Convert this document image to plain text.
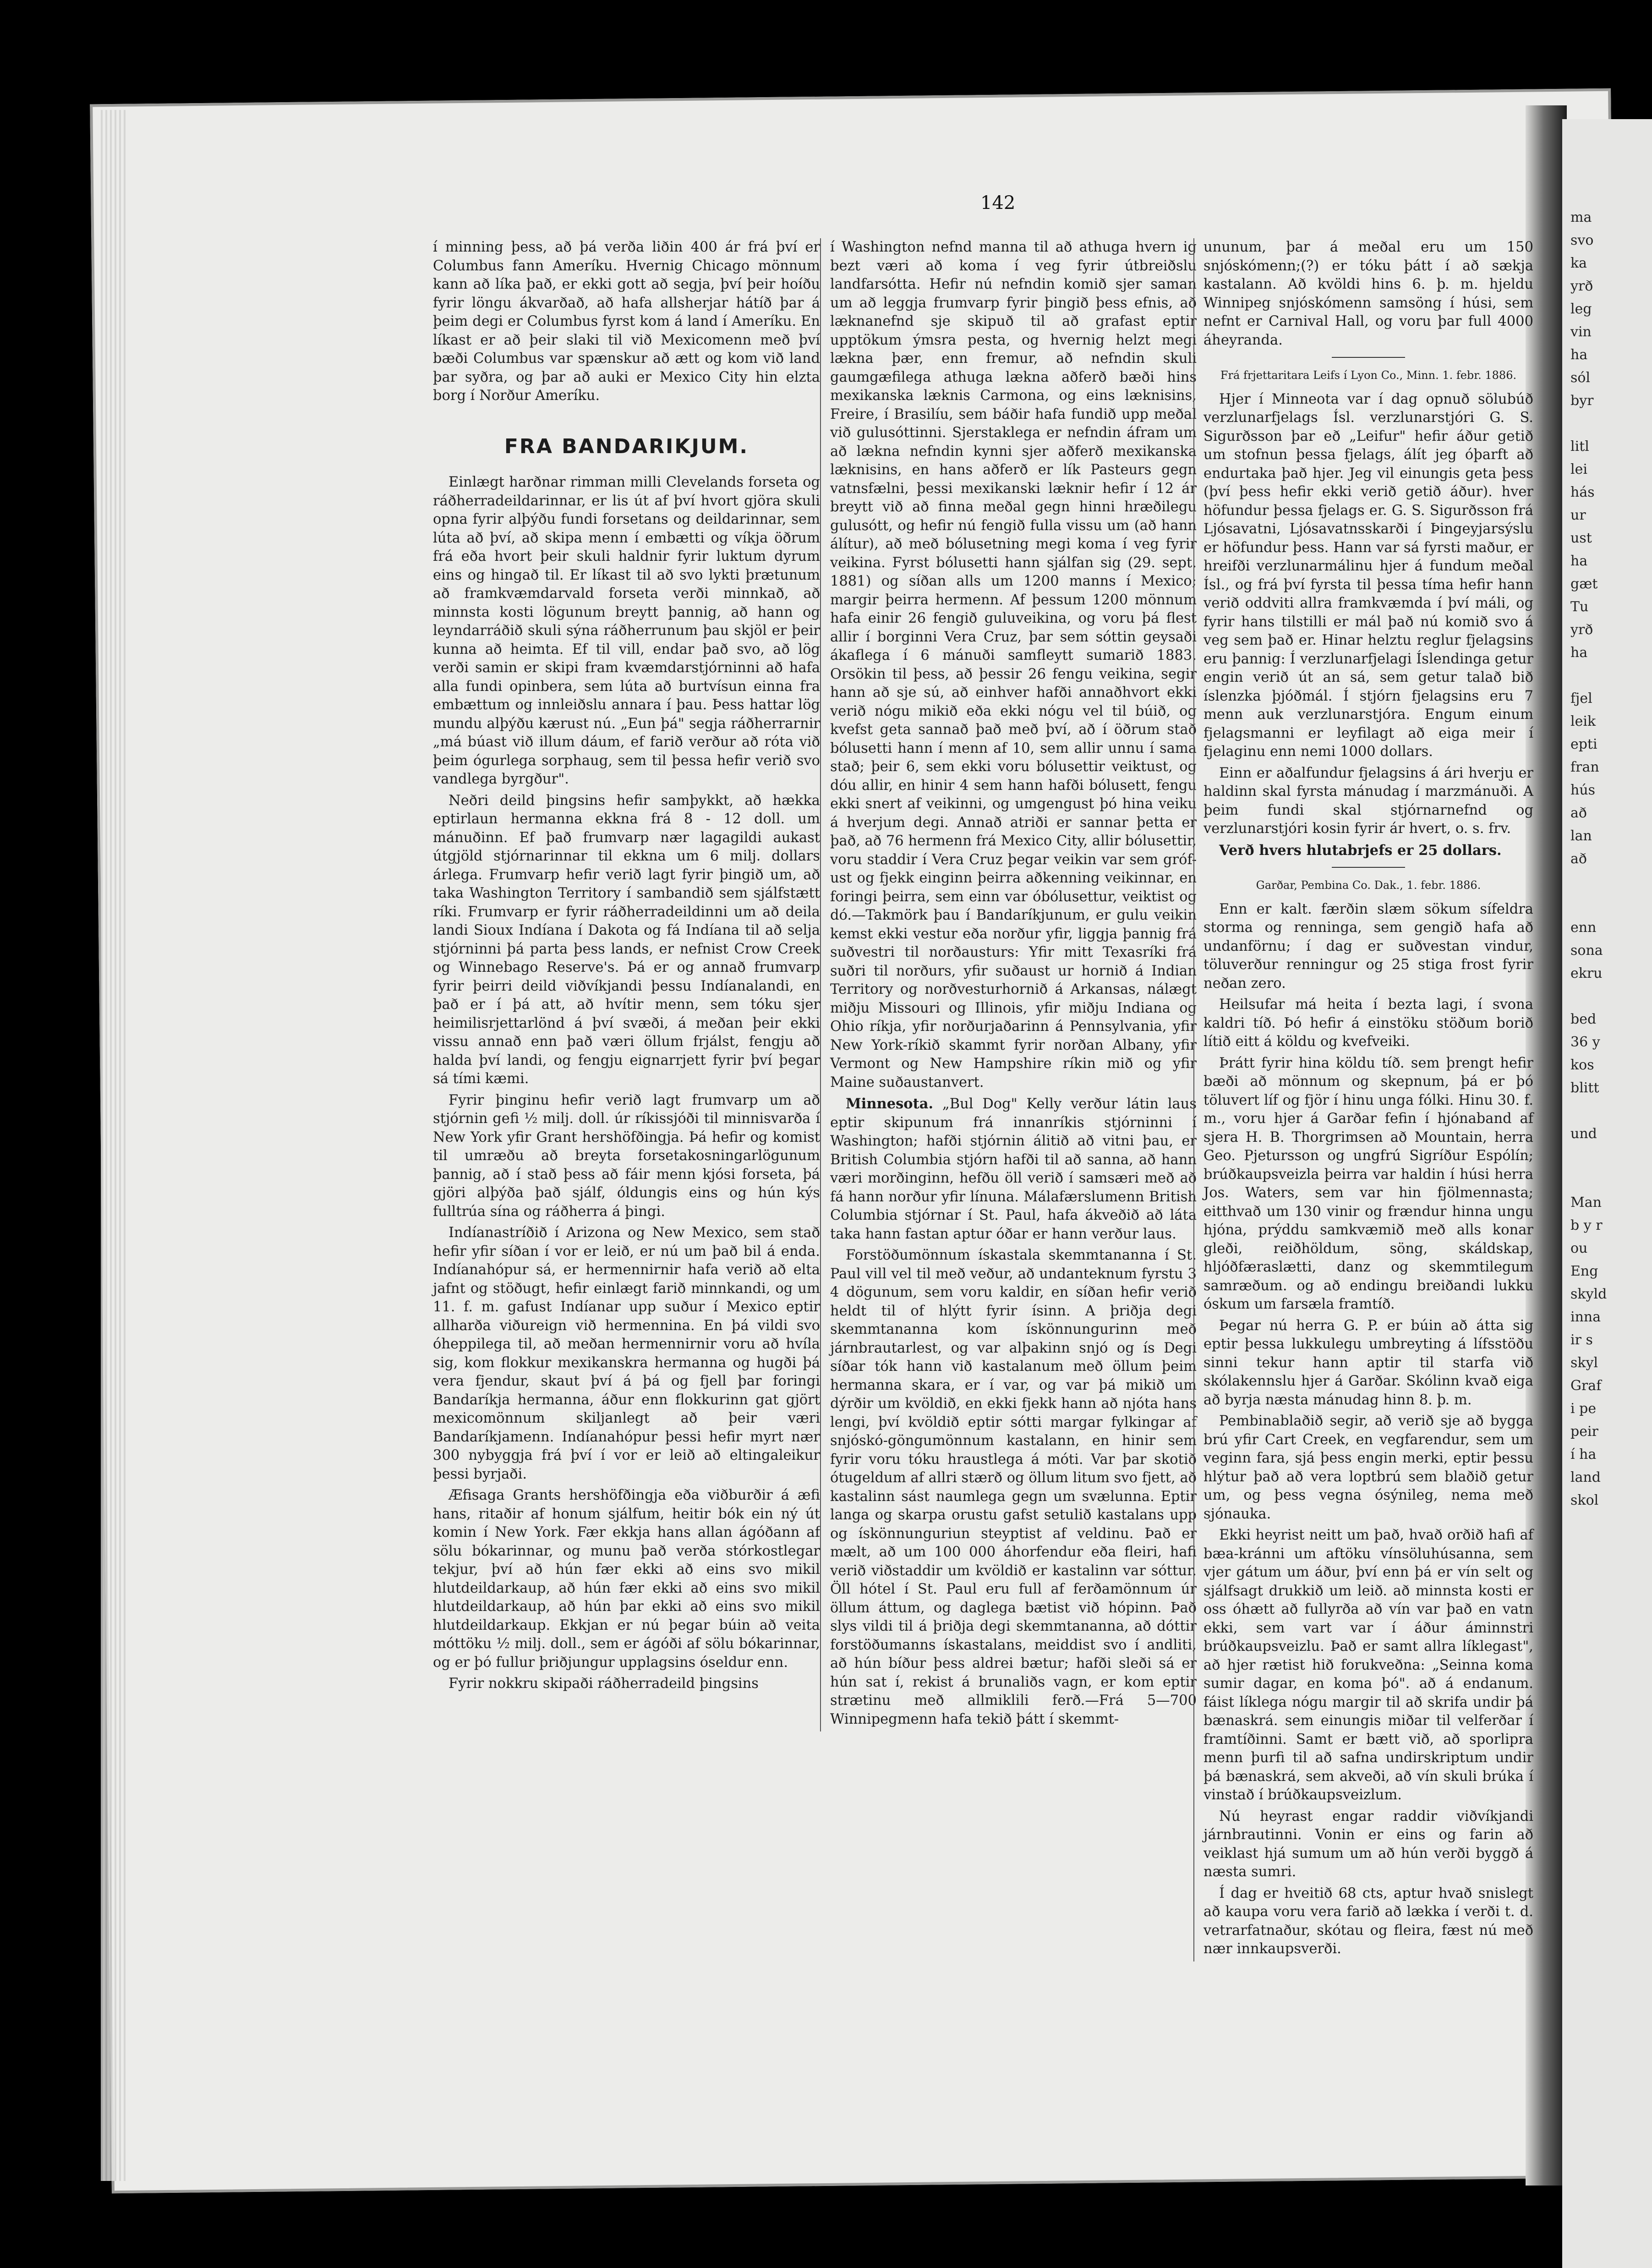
ma
svo
ka
yrð
leg
vin
ha
sól
byr

litl
lei
hás
ur
ust
ha
gæt
Tu
yrð
ha

fjel
leik
epti
fran
hús
að
lan
að

enn
sona
ekru

bed
36 y
kos
blitt

und

Man
b y r
ou
Eng
skyld
inna
ir s
skyl
Graf
i pe
peir
í ha
land
skol
142

í minning þess, að þá verða liðin 400 ár frá því er Columbus fann Ameríku. Hvernig Chicago mönnum kann að líka það, er ekki gott að segja, því þeir hoíðu fyrir löngu ákvarðað, að hafa allsherjar hátíð þar á þeim degi er Columbus fyrst kom á land í Ameríku. En líkast er að þeir slaki til við Mexicomenn með því bæði Columbus var spænskur að ætt og kom við land þar syðra, og þar að auki er Mexico City hin elzta borg í Norður Ameríku.

FRA BANDARIKJUM.

Einlægt harðnar rimman milli Clevelands forseta og ráðherradeildarinnar, er lis út af því hvort gjöra skuli opna fyrir alþýðu fundi forsetans og deildarinnar, sem lúta að því, að skipa menn í embætti og víkja öðrum frá eða hvort þeir skuli haldnir fyrir luktum dyrum eins og hingað til. Er líkast til að svo lykti þrætunum að framkvæmdarvald forseta verði minnkað, að minnsta kosti lögunum breytt þannig, að hann og leyndarráðið skuli sýna ráðherrunum þau skjöl er þeir kunna að heimta. Ef til vill, endar það svo, að lög verði samin er skipi fram kvæmdarstjórninni að hafa alla fundi opinbera, sem lúta að burtvísun einna fra embættum og innleiðslu annara í þau. Þess hattar lög mundu alþýðu kærust nú. „Eun þá" segja ráðherrarnir „má búast við illum dáum, ef farið verður að róta við þeim ógurlega sorphaug, sem til þessa hefir verið svo vandlega byrgður".

Neðri deild þingsins hefir samþykkt, að hækka eptirlaun hermanna ekkna frá 8 - 12 doll. um mánuðinn. Ef það frumvarp nær lagagildi aukast útgjöld stjórnarinnar til ekkna um 6 milj. dollars árlega. Frumvarp hefir verið lagt fyrir þingið um, að taka Washington Territory í sambandið sem sjálfstætt ríki. Frumvarp er fyrir ráðherradeildinni um að deila landi Sioux Indíana í Dakota og fá Indíana til að selja stjórninni þá parta þess lands, er nefnist Crow Creek og Winnebago Reserve's. Þá er og annað frumvarp fyrir þeirri deild viðvíkjandi þessu Indíanalandi, en það er í þá att, að hvítir menn, sem tóku sjer heimilisrjettarlönd á því svæði, á meðan þeir ekki vissu annað enn það væri öllum frjálst, fengju að halda því landi, og fengju eignarrjett fyrir því þegar sá tími kæmi.

Fyrir þinginu hefir verið lagt frumvarp um að stjórnin gefi ½ milj. doll. úr ríkissjóði til minnisvarða í New York yfir Grant hershöfðingja. Þá hefir og komist til umræðu að breyta forsetakosningarlögunum þannig, að í stað þess að fáir menn kjósi forseta, þá gjöri alþýða það sjálf, óldungis eins og hún kýs fulltrúa sína og ráðherra á þingi.

Indíanastríðið í Arizona og New Mexico, sem stað hefir yfir síðan í vor er leið, er nú um það bil á enda. Indíanahópur sá, er hermennirnir hafa verið að elta jafnt og stöðugt, hefir einlægt farið minnkandi, og um 11. f. m. gafust Indíanar upp suður í Mexico eptir allharða viðureign við hermennina. En þá vildi svo óheppilega til, að meðan hermennirnir voru að hvíla sig, kom flokkur mexikanskra hermanna og hugði þá vera fjendur, skaut því á þá og fjell þar foringi Bandaríkja hermanna, áður enn flokkurinn gat gjört mexicomönnum skiljanlegt að þeir væri Bandaríkjamenn. Indíanahópur þessi hefir myrt nær 300 nybyggja frá því í vor er leið að eltingaleikur þessi byrjaði.

Æfisaga Grants hershöfðingja eða viðburðir á æfi hans, ritaðir af honum sjálfum, heitir bók ein ný út komin í New York. Fær ekkja hans allan ágóðann af sölu bókarinnar, og munu það verða stórkostlegar tekjur, því að hún fær ekki að eins svo mikil hlutdeildarkaup, að hún fær ekki að eins svo mikil hlutdeildarkaup, að hún þar ekki að eins svo mikil hlutdeildarkaup. Ekkjan er nú þegar búin að veita móttöku ½ milj. doll., sem er ágóði af sölu bókarinnar, og er þó fullur þriðjungur upplagsins óseldur enn.

Fyrir nokkru skipaði ráðherradeild þingsins

í Washington nefnd manna til að athuga hvern ig bezt væri að koma í veg fyrir útbreiðslu landfarsótta. Hefir nú nefndin komið sjer saman um að leggja frumvarp fyrir þingið þess efnis, að læknanefnd sje skipuð til að grafast eptir upptökum ýmsra pesta, og hvernig helzt megi lækna þær, enn fremur, að nefndin skuli gaumgæfilega athuga lækna aðferð bæði hins mexikanska læknis Carmona, og eins læknisins, Freire, í Brasilíu, sem báðir hafa fundið upp meðal við gulusóttinni. Sjerstaklega er nefndin áfram um að lækna nefndin kynni sjer aðferð mexikanska læknisins, en hans aðferð er lík Pasteurs gegn vatnsfælni, þessi mexikanski læknir hefir í 12 ár breytt við að finna meðal gegn hinni hræðilegu gulusótt, og hefir nú fengið fulla vissu um (að hann álítur), að með bólusetning megi koma í veg fyrir veikina. Fyrst bólusetti hann sjálfan sig (29. sept. 1881) og síðan alls um 1200 manns í Mexico; margir þeirra hermenn. Af þessum 1200 mönnum hafa einir 26 fengið guluveikina, og voru þá flest allir í borginni Vera Cruz, þar sem sóttin geysaði ákaflega í 6 mánuði samfleytt sumarið 1883. Orsökin til þess, að þessir 26 fengu veikina, segir hann að sje sú, að einhver hafði annaðhvort ekki verið nógu mikið eða ekki nógu vel til búið, og kvefst geta sannað það með því, að í öðrum stað bólusetti hann í menn af 10, sem allir unnu í sama stað; þeir 6, sem ekki voru bólusettir veiktust, og dóu allir, en hinir 4 sem hann hafði bólusett, fengu ekki snert af veikinni, og umgengust þó hina veiku á hverjum degi. Annað atriði er sannar þetta er það, að 76 hermenn frá Mexico City, allir bólusettir, voru staddir í Vera Cruz þegar veikin var sem gróf- ust og fjekk einginn þeirra aðkenning veikinnar, en foringi þeirra, sem einn var óbólusettur, veiktist og dó.—Takmörk þau í Bandaríkjunum, er gulu veikin kemst ekki vestur eða norður yfir, liggja þannig frá suðvestri til norðausturs: Yfir mitt Texasríki frá suðri til norðurs, yfir suðaust ur hornið á Indian Territory og norðvesturhornið á Arkansas, nálægt miðju Missouri og Illinois, yfir miðju Indiana og Ohio ríkja, yfir norðurjaðarinn á Pennsylvania, yfir New York-ríkið skammt fyrir norðan Albany, yfir Vermont og New Hampshire ríkin mið og yfir Maine suðaustanvert.

Minnesota. „Bul Dog" Kelly verður látin laus eptir skipunum frá innanríkis stjórninni í Washington; hafði stjórnin álitið að vitni þau, er British Columbia stjórn hafði til að sanna, að hann væri morðinginn, hefðu öll verið í samsæri með að fá hann norður yfir línuna. Málafærslumenn British Columbia stjórnar í St. Paul, hafa ákveðið að láta taka hann fastan aptur óðar er hann verður laus.

Forstöðumönnum ískastala skemmtananna í St. Paul vill vel til með veður, að undanteknum fyrstu 3 4 dögunum, sem voru kaldir, en síðan hefir verið heldt til of hlýtt fyrir ísinn. A þriðja degi skemmtananna kom ískönnungurinn með járnbrautarlest, og var alþakinn snjó og ís Degi síðar tók hann við kastalanum með öllum þeim hermanna skara, er í var, og var þá mikið um dýrðir um kvöldið, en ekki fjekk hann að njóta hans lengi, því kvöldið eptir sótti margar fylkingar af snjóskó-göngumönnum kastalann, en hinir sem fyrir voru tóku hraustlega á móti. Var þar skotið ótugeldum af allri stærð og öllum litum svo fjett, að kastalinn sást naumlega gegn um svælunna. Eptir langa og skarpa orustu gafst setulið kastalans upp og ískönnunguriun steyptist af veldinu. Það er mælt, að um 100 000 áhorfendur eða fleiri, hafi verið viðstaddir um kvöldið er kastalinn var sóttur. Öll hótel í St. Paul eru full af ferðamönnum úr öllum áttum, og daglega bætist við hópinn. Það slys vildi til á þriðja degi skemmtananna, að dóttir forstöðumanns ískastalans, meiddist svo í andliti, að hún bíður þess aldrei bætur; hafði sleði sá er hún sat í, rekist á brunaliðs vagn, er kom eptir strætinu með allmiklili ferð.—Frá 5—700 Winnipegmenn hafa tekið þátt í skemmt-

ununum, þar á meðal eru um 150 snjóskómenn;(?) er tóku þátt í að sækja kastalann. Að kvöldi hins 6. þ. m. hjeldu Winnipeg snjóskómenn samsöng í húsi, sem nefnt er Carnival Hall, og voru þar full 4000 áheyranda.

Frá frjettaritara Leifs í Lyon Co., Minn. 1. febr. 1886.

Hjer í Minneota var í dag opnuð sölubúð verzlunarfjelags Ísl. verzlunarstjóri G. S. Sigurðsson þar eð „Leifur" hefir áður getið um stofnun þessa fjelags, álít jeg óþarft að endurtaka það hjer. Jeg vil einungis geta þess (því þess hefir ekki verið getið áður). hver höfundur þessa fjelags er. G. S. Sigurðsson frá Ljósavatni, Ljósavatnsskarði í Þingeyjarsýslu er höfundur þess. Hann var sá fyrsti maður, er hreifði verzlunarmálinu hjer á fundum meðal Ísl., og frá því fyrsta til þessa tíma hefir hann verið oddviti allra framkvæmda í því máli, og fyrir hans tilstilli er mál það nú komið svo á veg sem það er. Hinar helztu reglur fjelagsins eru þannig: Í verzlunarfjelagi Íslendinga getur engin verið út an sá, sem getur talað bið íslenzka þjóðmál. Í stjórn fjelagsins eru 7 menn auk verzlunarstjóra. Engum einum fjelagsmanni er leyfilagt að eiga meir í fjelaginu enn nemi 1000 dollars.

Einn er aðalfundur fjelagsins á ári hverju er haldinn skal fyrsta mánudag í marzmánuði. A þeim fundi skal stjórnarnefnd og verzlunarstjóri kosin fyrir ár hvert, o. s. frv.

Verð hvers hlutabrjefs er 25 dollars.

Garðar, Pembina Co. Dak., 1. febr. 1886.

Enn er kalt. færðin slæm sökum sífeldra storma og renninga, sem gengið hafa að undanförnu; í dag er suðvestan vindur, töluverður renningur og 25 stiga frost fyrir neðan zero.

Heilsufar má heita í bezta lagi, í svona kaldri tíð. Þó hefir á einstöku stöðum borið lítið eitt á köldu og kvefveiki.

Þrátt fyrir hina köldu tíð. sem þrengt hefir bæði að mönnum og skepnum, þá er þó töluvert líf og fjör í hinu unga fólki. Hinu 30. f. m., voru hjer á Garðar fefin í hjónaband af sjera H. B. Thorgrimsen að Mountain, herra Geo. Pjetursson og ungfrú Sigríður Espólín; brúðkaupsveizla þeirra var haldin í húsi herra Jos. Waters, sem var hin fjölmennasta; eitthvað um 130 vinir og frændur hinna ungu hjóna, prýddu samkvæmið með alls konar gleði, reiðhöldum, söng, skáldskap, hljóðfæraslætti, danz og skemmtilegum samræðum. og að endingu breiðandi lukku óskum um farsæla framtíð.

Þegar nú herra G. P. er búin að átta sig eptir þessa lukkulegu umbreyting á lífsstöðu sinni tekur hann aptir til starfa við skólakennslu hjer á Garðar. Skólinn kvað eiga að byrja næsta mánudag hinn 8. þ. m.

Pembinablaðið segir, að verið sje að bygga brú yfir Cart Creek, en vegfarendur, sem um veginn fara, sjá þess engin merki, eptir þessu hlýtur það að vera loptbrú sem blaðið getur um, og þess vegna ósýnileg, nema með sjónauka.

Ekki heyrist neitt um það, hvað orðið hafi af bæa-kránni um aftöku vínsöluhúsanna, sem vjer gátum um áður, því enn þá er vín selt og sjálfsagt drukkið um leið. að minnsta kosti er oss óhætt að fullyrða að vín var það en vatn ekki, sem vart var í áður áminnstri brúðkaupsveizlu. Það er samt allra líklegast", að hjer rætist hið forukveðna: „Seinna koma sumir dagar, en koma þó". að á endanum. fáist líklega nógu margir til að skrifa undir þá bænaskrá. sem einungis miðar til velferðar í framtíðinni. Samt er bætt við, að sporlipra menn þurfi til að safna undirskriptum undir þá bænaskrá, sem akveði, að vín skuli brúka í vinstað í brúðkaupsveizlum.

Nú heyrast engar raddir viðvíkjandi járnbrautinni. Vonin er eins og farin að veiklast hjá sumum um að hún verði byggð á næsta sumri.

Í dag er hveitið 68 cts, aptur hvað snislegt að kaupa voru vera farið að lækka í verði t. d. vetrarfatnaður, skótau og fleira, fæst nú með nær innkaupsverði.
